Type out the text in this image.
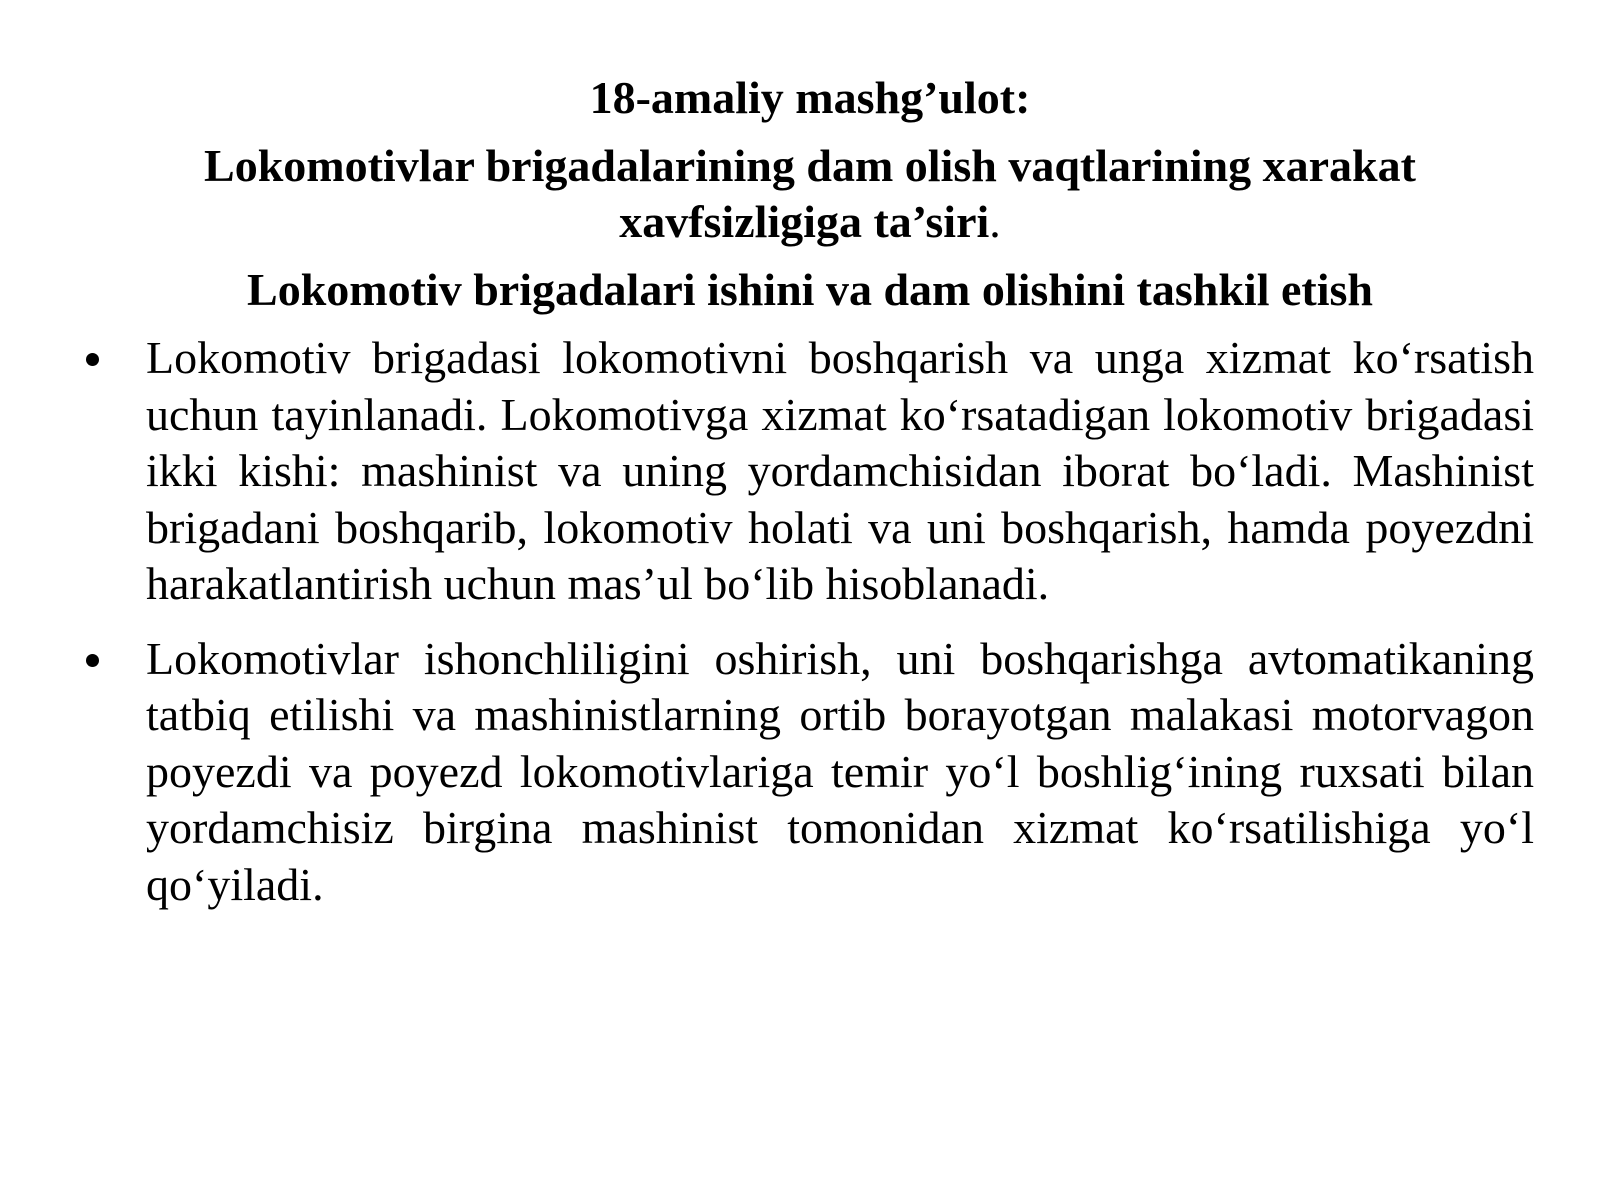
18-amaliy mashg’ulot:
Lokomotivlar brigadalarining dam olish vaqtlarining xarakat xavfsizligiga ta’siri.
Lokomotiv brigadalari ishini va dam olishini tashkil etish
Lokomotiv brigadasi lokomotivni boshqarish va unga xizmat ko‘rsatish uchun tayinlanadi. Lokomotivga xizmat ko‘rsatadigan lokomotiv brigadasi ikki kishi: mashinist va uning yordamchisidan iborat bo‘ladi. Mashinist brigadani boshqarib, lokomotiv holati va uni boshqarish, hamda poyezdni harakatlantirish uchun mas’ul bo‘lib hisoblanadi.
Lokomotivlar ishonchliligini oshirish, uni boshqarishga avtomatikaning tatbiq etilishi va mashinistlarning ortib borayotgan malakasi motorvagon poyezdi va poyezd lokomotivlariga temir yo‘l boshlig‘ining ruxsati bilan yordamchisiz birgina mashinist tomonidan xizmat ko‘rsatilishiga yo‘l qo‘yiladi.
